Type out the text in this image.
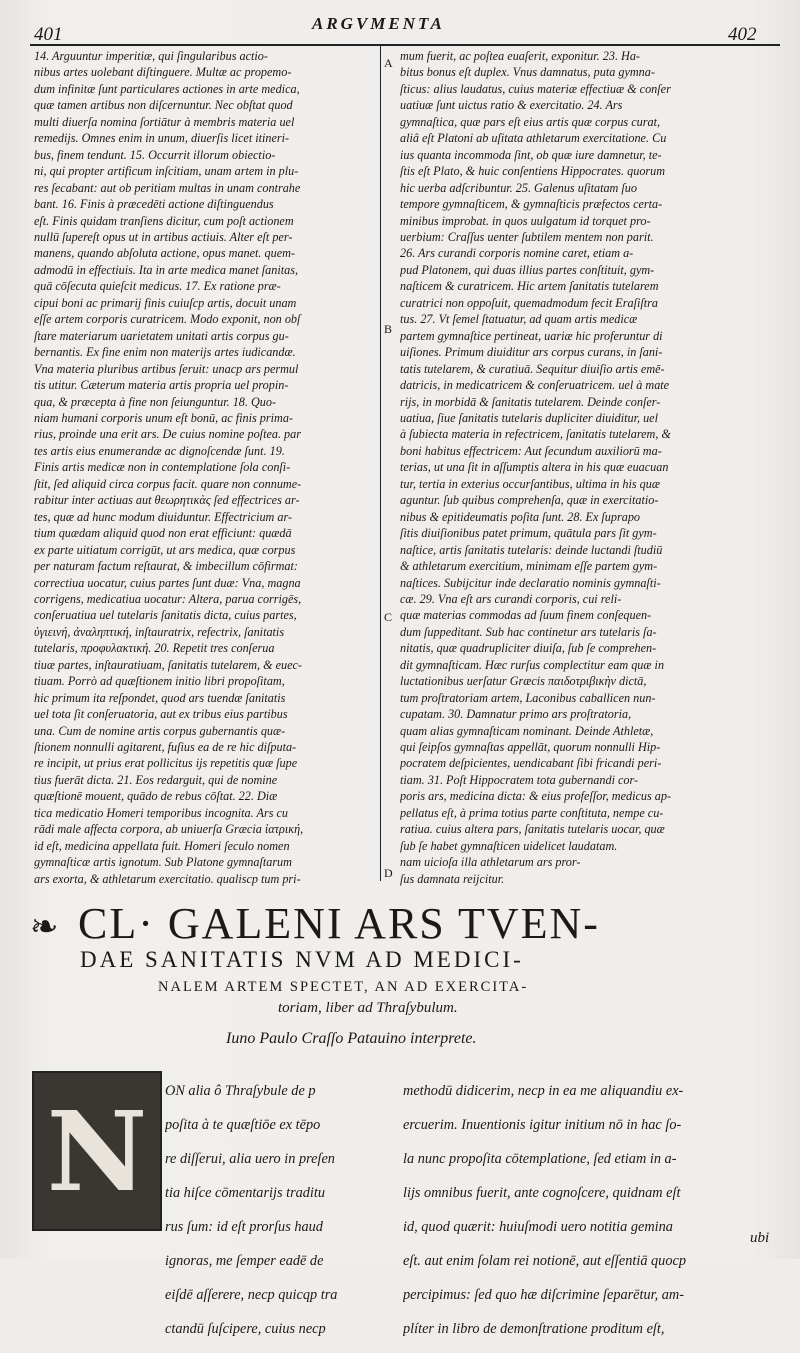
401
ARGVMENTA
402

14. Arguuntur imperitiæ, qui ſingularibus actio-

nibus artes uolebant diſtinguere. Multæ ac propemo-

dum infinitæ ſunt particulares actiones in arte medica,

quæ tamen artibus non diſcernuntur. Nec obſtat quod

multi diuerſa nomina ſortiātur à membris materia uel

remedijs. Omnes enim in unum, diuerſis licet itineri-

bus, finem tendunt. 15. Occurrit illorum obiectio-

ni, qui propter artificum inſcitiam, unam artem in plu-

res ſecabant: aut ob peritiam multas in unam contrahe

bant. 16. Finis à præcedēti actione diſtinguendus

eſt. Finis quidam tranſiens dicitur, cum poſt actionem

nullū ſupereſt opus ut in artibus actiuis. Alter eſt per-

manens, quando abſoluta actione, opus manet. quem-

admodū in effectiuis. Ita in arte medica manet ſanitas,

quā cōſecuta quieſcit medicus. 17. Ex ratione præ-

cipui boni ac primarij finis cuiuſcp artis, docuit unam

eſſe artem corporis curatricem. Modo exponit, non obſ

ſtare materiarum uarietatem unitati artis corpus gu-

bernantis. Ex fine enim non materijs artes iudicandæ.

Vna materia pluribus artibus ſeruit: unacp ars permul

tis utitur. Cæterum materia artis propria uel propin-

qua, & præcepta à fine non ſeiunguntur. 18. Quo-

niam humani corporis unum eſt bonū, ac finis prima-

rius, proinde una erit ars. De cuius nomine poſtea. par

tes artis eius enumerandæ ac dignoſcendæ ſunt. 19.

Finis artis medicæ non in contemplatione ſola conſi-

ſtit, ſed aliquid circa corpus facit. quare non connume-

rabitur inter actiuas aut θεωρητικὰς ſed effectrices ar-

tes, quæ ad hunc modum diuiduntur. Effectricium ar-

tium quædam aliquid quod non erat efficiunt: quædā

ex parte uitiatum corrigūt, ut ars medica, quæ corpus

per naturam factum reſtaurat, & imbecillum cōfirmat:

correctiua uocatur, cuius partes ſunt duæ: Vna, magna

corrigens, medicatiua uocatur: Altera, parua corrigēs,

conſeruatiua uel tutelaris ſanitatis dicta, cuius partes,

ὑγιεινή, ἀναληπτική, inſtauratrix, refectrix, ſanitatis

tutelaris, προφυλακτική. 20. Repetit tres conſerua

tiuæ partes, inſtauratiuam, ſanitatis tutelarem, & euec-

tiuam. Porrò ad quæſtionem initio libri propoſitam,

hic primum ita reſpondet, quod ars tuendæ ſanitatis

uel tota ſit conſeruatoria, aut ex tribus eius partibus

una. Cum de nomine artis corpus gubernantis quæ-

ſtionem nonnulli agitarent, fuſius ea de re hic diſputa-

re incipit, ut prius erat pollicitus ijs repetitis quæ ſupe

tius fuerāt dicta. 21. Eos redarguit, qui de nomine

quæſtionē mouent, quādo de rebus cōſtat. 22. Diæ

tica medicatio Homeri temporibus incognita. Ars cu

rādi male affecta corpora, ab uniuerſa Græcia ἰατρική,

id eſt, medicina appellata fuit. Homeri ſeculo nomen

gymnaſticæ artis ignotum. Sub Platone gymnaſtarum

ars exorta, & athletarum exercitatio. qualiscp tum pri-

A
B
C
D

mum fuerit, ac poſtea euaſerit, exponitur. 23. Ha-

bitus bonus eſt duplex. Vnus damnatus, puta gymna-

ſticus: alius laudatus, cuius materiæ effectiuæ & conſer

uatiuæ ſunt uictus ratio & exercitatio. 24. Ars

gymnaſtica, quæ pars eſt eius artis quæ corpus curat,

aliâ eſt Platoni ab uſitata athletarum exercitatione. Cu

ius quanta incommoda ſint, ob quæ iure damnetur, te-

ſtis eſt Plato, & huic conſentiens Hippocrates. quorum

hic uerba adſcribuntur. 25. Galenus uſitatam ſuo

tempore gymnaſticem, & gymnaſticis præfectos certa-

minibus improbat. in quos uulgatum id torquet pro-

uerbium: Craſſus uenter ſubtilem mentem non parit.

26. Ars curandi corporis nomine caret, etiam a-

pud Platonem, qui duas illius partes conſtituit, gym-

naſticem & curatricem. Hic artem ſanitatis tutelarem

curatrici non oppoſuit, quemadmodum fecit Eraſiſtra

tus. 27. Vt ſemel ſtatuatur, ad quam artis medicæ

partem gymnaſtice pertineat, uariæ hic proferuntur di

uiſiones. Primum diuiditur ars corpus curans, in ſani-

tatis tutelarem, & curatiuā. Sequitur diuiſio artis emē-

datricis, in medicatricem & conſeruatricem. uel à mate

rijs, in morbidā & ſanitatis tutelarem. Deinde conſer-

uatiua, ſiue ſanitatis tutelaris dupliciter diuiditur, uel

à ſubiecta materia in refectricem, ſanitatis tutelarem, &

boni habitus effectricem: Aut ſecundum auxiliorū ma-

terias, ut una ſit in aſſumptis altera in his quæ euacuan

tur, tertia in exterius occurſantibus, ultima in his quæ

aguntur. ſub quibus comprehenſa, quæ in exercitatio-

nibus & epitideumatis poſita ſunt. 28. Ex ſuprapo

ſitis diuiſionibus patet primum, quātula pars ſit gym-

naſtice, artis ſanitatis tutelaris: deinde luctandi ſtudiū

& athletarum exercitium, minimam eſſe partem gym-

naſtices. Subijcitur inde declaratio nominis gymnaſti-

cæ. 29. Vna eſt ars curandi corporis, cui reli-

quæ materias commodas ad ſuum finem conſequen-

dum ſuppeditant. Sub hac continetur ars tutelaris ſa-

nitatis, quæ quadrupliciter diuiſa, ſub ſe comprehen-

dit gymnaſticam. Hæc rurſus complectitur eam quæ in

luctationibus uerſatur Græcis παιδοτριβικὴν dictā,

tum proſtratoriam artem, Laconibus caballicen nun-

cupatam. 30. Damnatur primo ars proſtratoria,

quam alias gymnaſticam nominant. Deinde Athletæ,

qui ſeipſos gymnaſtas appellāt, quorum nonnulli Hip-

pocratem deſpicientes, uendicabant ſibi fricandi peri-

tiam. 31. Poſt Hippocratem tota gubernandi cor-

poris ars, medicina dicta: & eius profeſſor, medicus ap-

pellatus eſt, à prima totius parte conſtituta, nempe cu-

ratiua. cuius altera pars, ſanitatis tutelaris uocar, quæ

ſub ſe habet gymnaſticen uidelicet laudatam.

nam uicioſa illa athletarum ars pror-

ſus damnata reijcitur.

❧ CL· GALENI ARS TVEN-
DAE SANITATIS NVM AD MEDICI-
NALEM ARTEM SPECTET, AN AD EXERCITA-
toriam, liber ad Thraſybulum.
Iuno Paulo Craſſo Patauino interprete.
N ON alia ô Thraſybule de p

poſita à te quæſtiōe ex tēpo

re diſſerui, alia uero in preſen

tia hiſce cōmentarijs traditu

rus ſum: id eſt prorſus haud

ignoras, me ſemper eadē de

eiſdē aſſerere, necp quicqp tra

ctandū ſuſcipere, cuius necp

methodū didicerim, necp in ea me aliquandiu ex-

ercuerim. Inuentionis igitur initium nō in hac ſo-

la nunc propoſita cōtemplatione, ſed etiam in a-

lijs omnibus fuerit, ante cognoſcere, quidnam eſt

id, quod quærit: huiuſmodi uero notitia gemina

eſt. aut enim ſolam rei notionē, aut eſſentiā quocp

percipimus: ſed quo hæ diſcrimine ſeparētur, am-

plíter in libro de demonſtratione proditum eſt,

ubi
